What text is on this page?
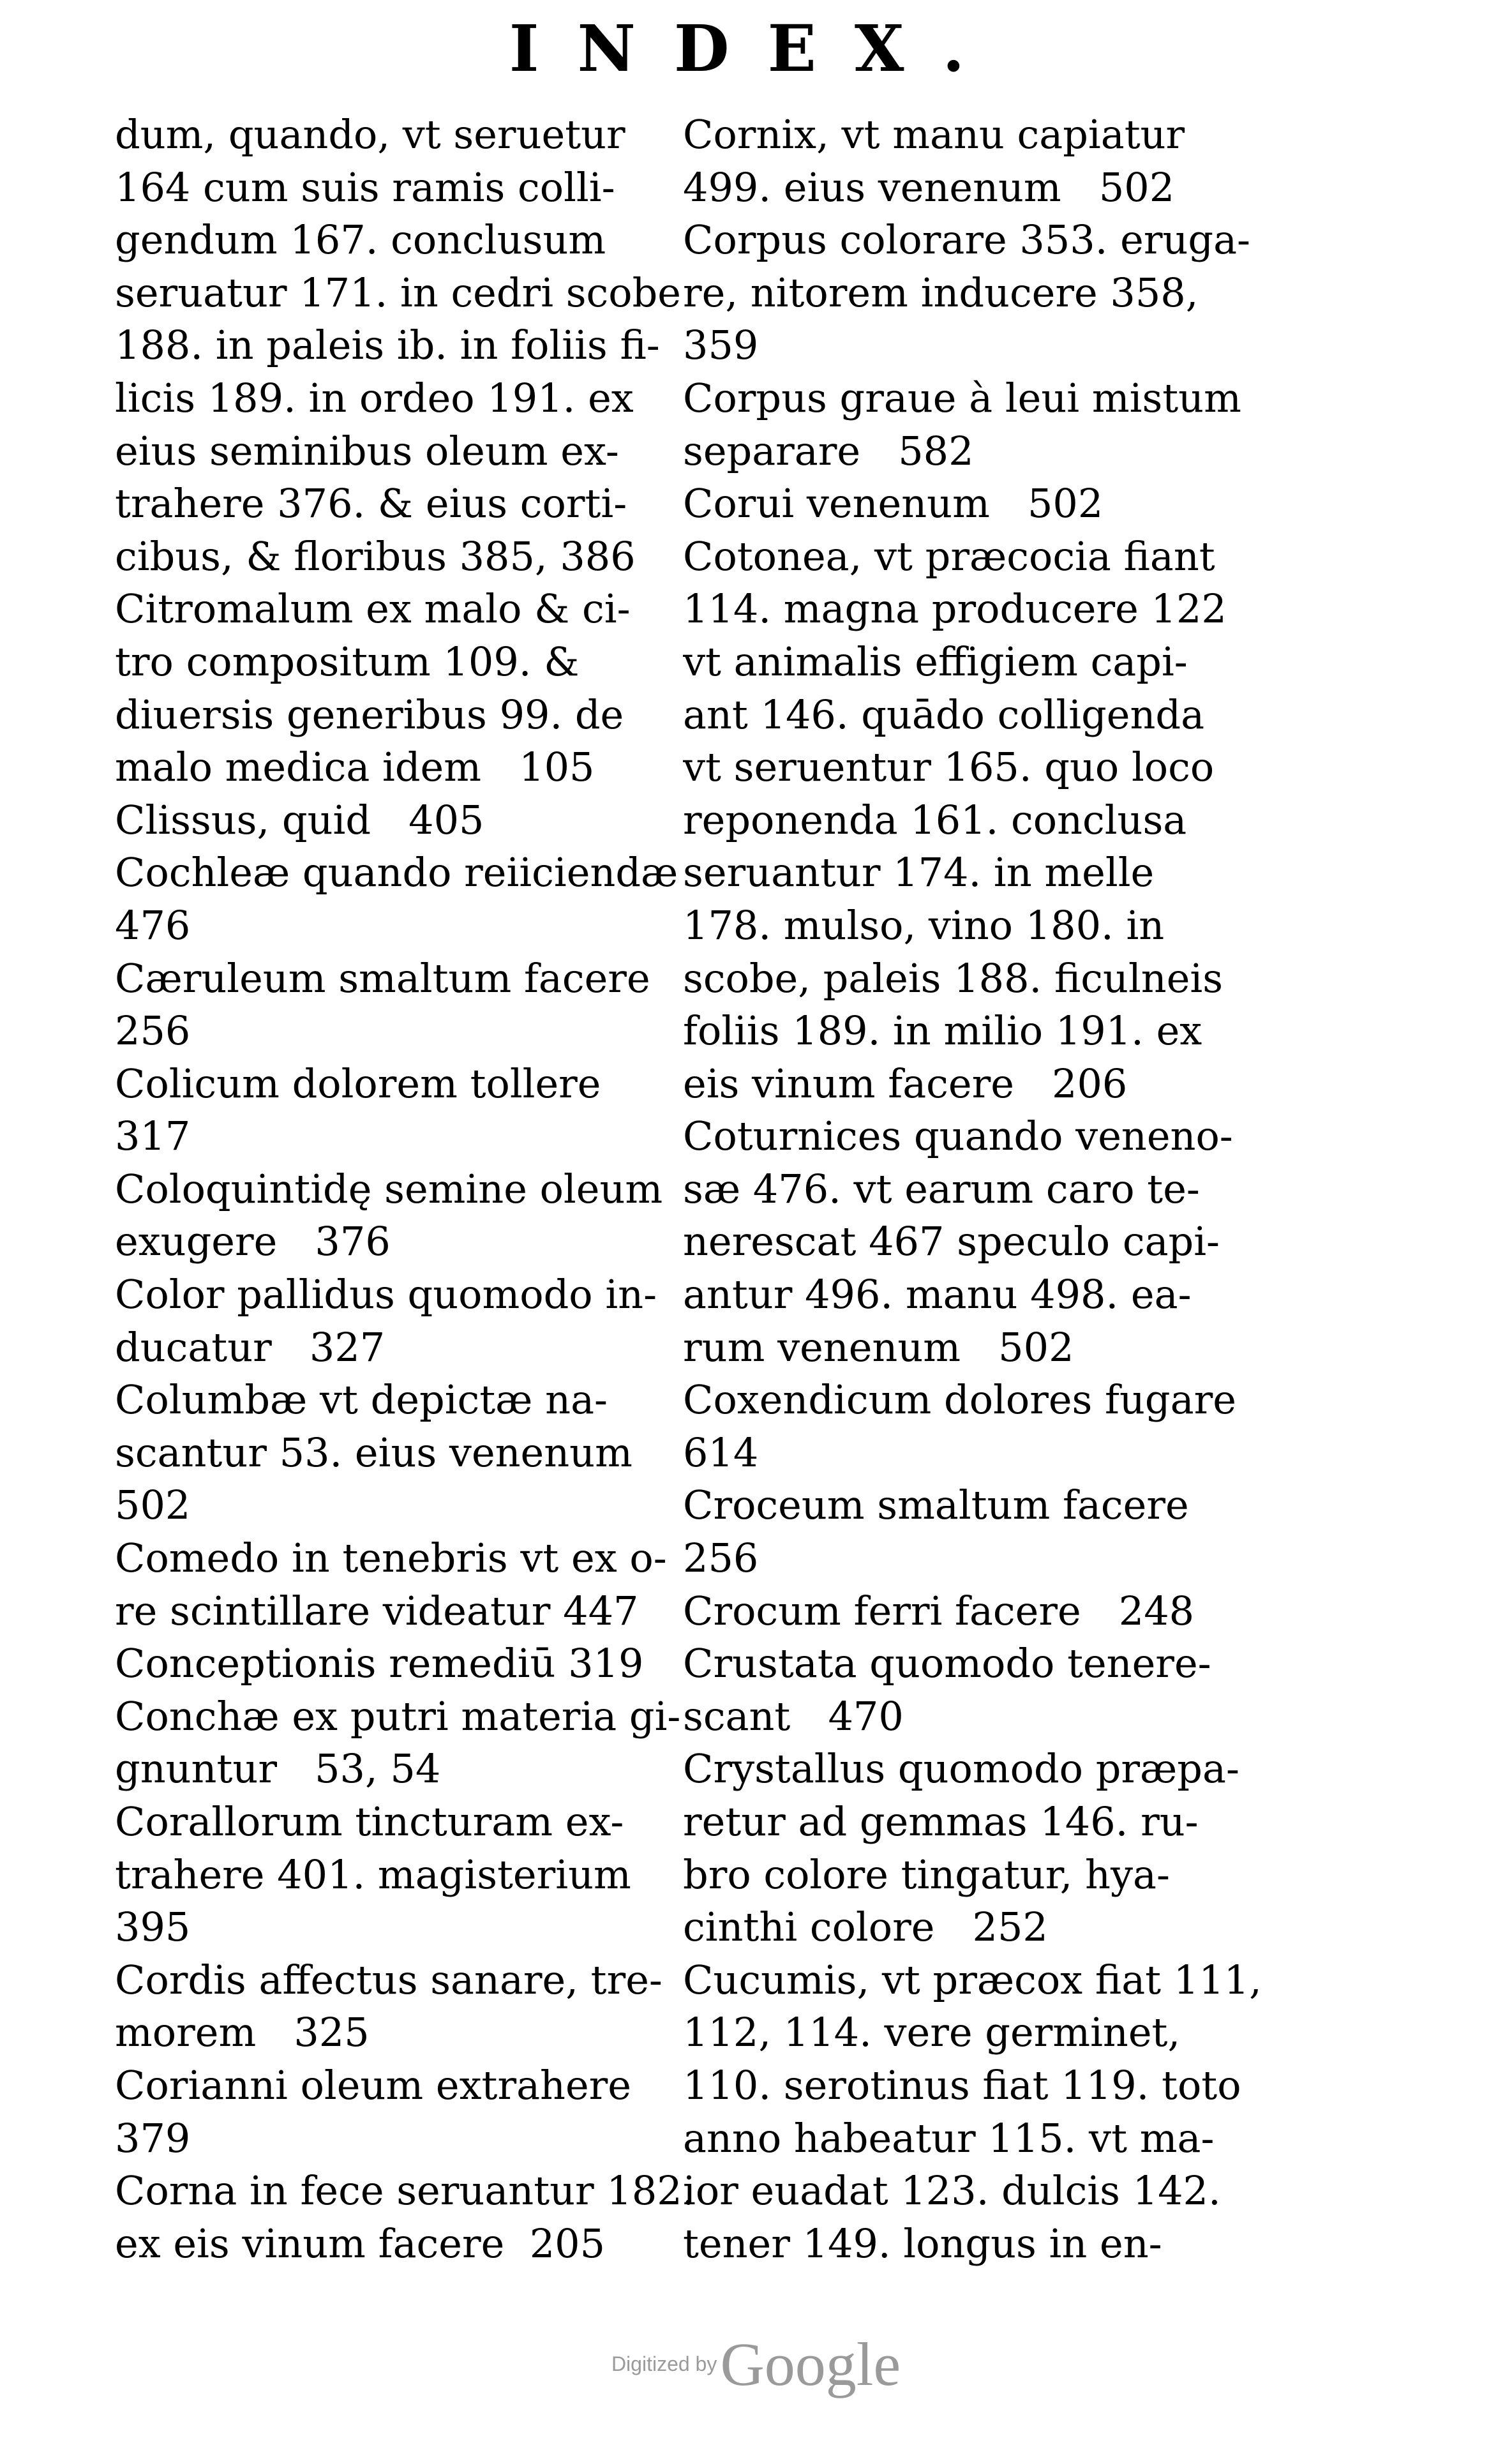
INDEX.
dum, quando, vt seruetur
164 cum suis ramis colli-
gendum 167. conclusum
seruatur 171. in cedri scobe
188. in paleis ib. in foliis fi-
licis 189. in ordeo 191. ex
eius seminibus oleum ex-
trahere 376. & eius corti-
cibus, & floribus 385, 386
Citromalum ex malo & ci-
tro compositum 109. &
diuersis generibus 99. de
malo medica idem   105
Clissus, quid   405
Cochleæ quando reiiciendæ
476
Cæruleum smaltum facere
256
Colicum dolorem tollere
317
Coloquintidę semine oleum
exugere   376
Color pallidus quomodo in-
ducatur   327
Columbæ vt depictæ na-
scantur 53. eius venenum
502
Comedo in tenebris vt ex o-
re scintillare videatur 447
Conceptionis remediū 319
Conchæ ex putri materia gi-
gnuntur   53, 54
Corallorum tincturam ex-
trahere 401. magisterium
395
Cordis affectus sanare, tre-
morem   325
Corianni oleum extrahere
379
Corna in fece seruantur 182.
ex eis vinum facere  205
Cornix, vt manu capiatur
499. eius venenum   502
Corpus colorare 353. eruga-
re, nitorem inducere 358,
359
Corpus graue à leui mistum
separare   582
Corui venenum   502
Cotonea, vt præcocia fiant
114. magna producere 122
vt animalis effigiem capi-
ant 146. quādo colligenda
vt seruentur 165. quo loco
reponenda 161. conclusa
seruantur 174. in melle
178. mulso, vino 180. in
scobe, paleis 188. ficulneis
foliis 189. in milio 191. ex
eis vinum facere   206
Coturnices quando veneno-
sæ 476. vt earum caro te-
nerescat 467 speculo capi-
antur 496. manu 498. ea-
rum venenum   502
Coxendicum dolores fugare
614
Croceum smaltum facere
256
Crocum ferri facere   248
Crustata quomodo tenere-
scant   470
Crystallus quomodo præpa-
retur ad gemmas 146. ru-
bro colore tingatur, hya-
cinthi colore   252
Cucumis, vt præcox fiat 111,
112, 114. vere germinet,
110. serotinus fiat 119. toto
anno habeatur 115. vt ma-
ior euadat 123. dulcis 142.
tener 149. longus in en-
Digitized by Google
